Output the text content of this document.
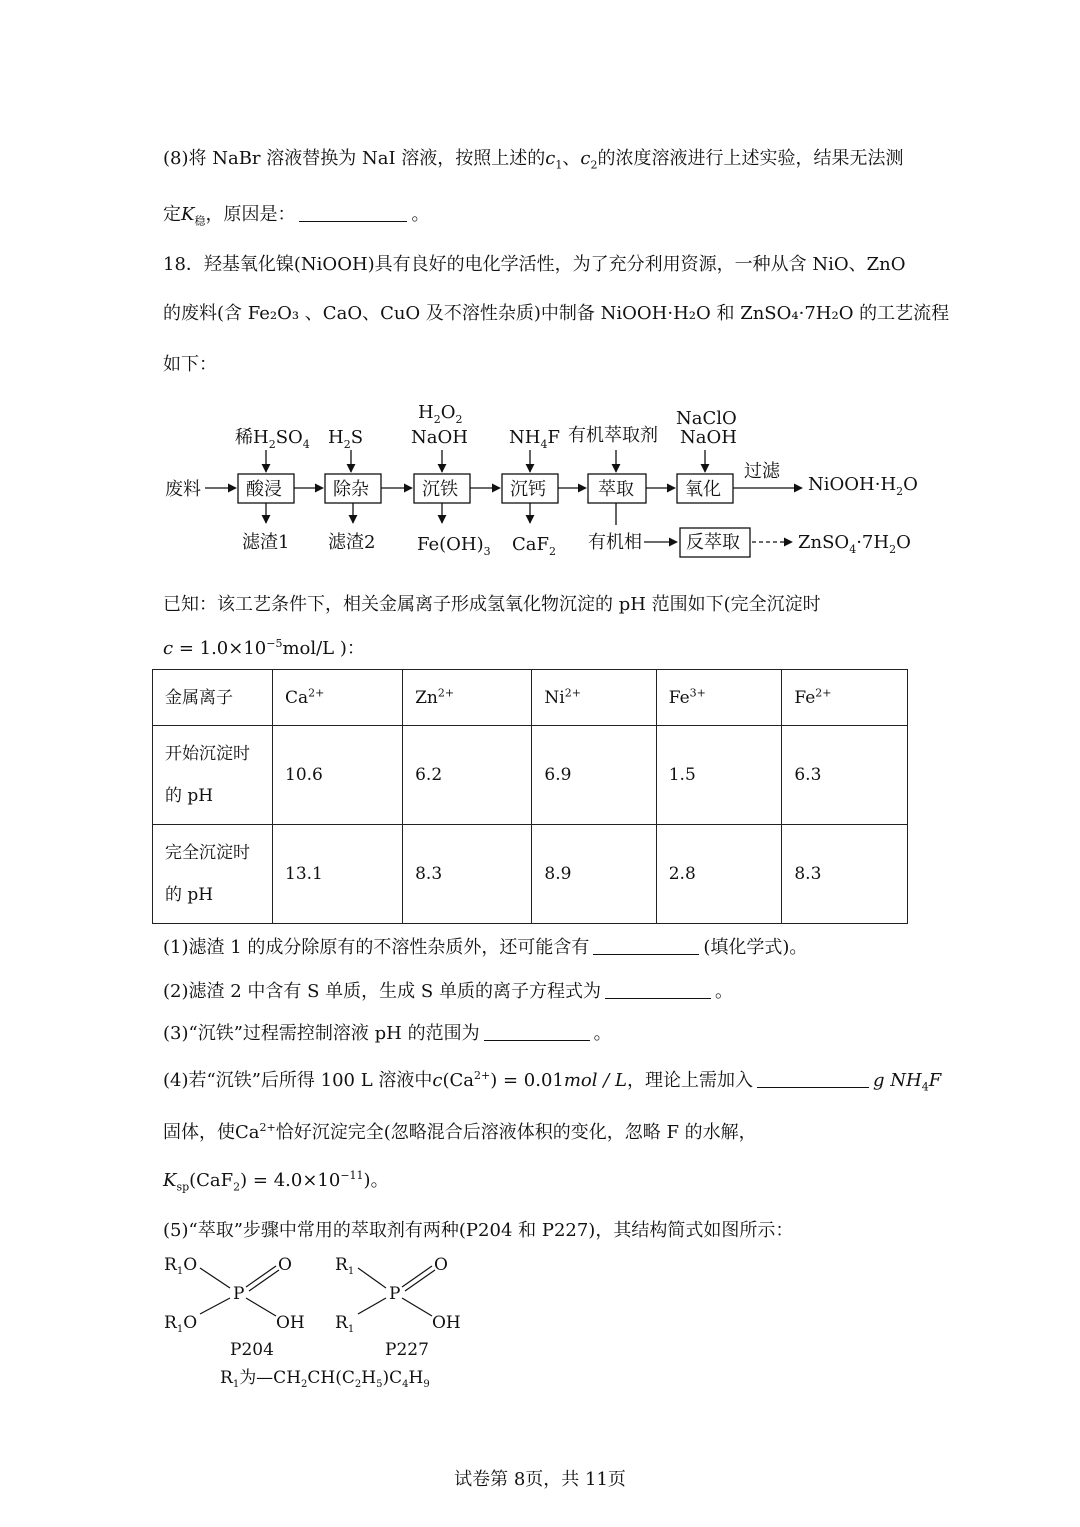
(8)将 NaBr 溶液替换为 NaI 溶液，按照上述的$c_1$、$c_2$的浓度溶液进行上述实验，结果无法测
定$K_稳$，原因是：	。
18．羟基氧化镍(NiOOH)具有良好的电化学活性，为了充分利用资源，一种从含 NiO、ZnO
的废料(含 Fe₂O₃ 、CaO、CuO 及不溶性杂质)中制备 NiOOH·H₂O 和 ZnSO₄·7H₂O 的工艺流程
如下：
稀$H_2SO_4$ $H_2S$
$H_2O_2$
NaOH $NH_4F$ 有机萃取剂
NaClO
NaOH
废料	酸浸	除杂	沉铁	沉钙	萃取	氧化
过滤
$NiOOH\cdot H_2O$
滤渣1 滤渣2 $Fe(OH)_3$ CaF$_2$ 有机相 反萃取	$ZnSO_4\cdot 7H_2O$
已知：该工艺条件下，相关金属离子形成氢氧化物沉淀的 pH 范围如下(完全沉淀时
$c = 1.0\times 10^{-5}mol/L$ )：
金属离子	$Ca^{2+}$	$Zn^{2+}$	$Ni^{2+}$	$Fe^{3+}$	$Fe^{2+}$
开始沉淀时
的 pH	10.6	6.2	6.9	1.5	6.3
完全沉淀时
的 pH	13.1	8.3	8.9	2.8	8.3
(1)滤渣 1 的成分除原有的不溶性杂质外，还可能含有	(填化学式)。
(2)滤渣 2 中含有 S 单质，生成 S 单质的离子方程式为	。
(3)“沉铁”过程需控制溶液 pH 的范围为	。
(4)若“沉铁”后所得 100 L 溶液中$c(Ca^{2+}) = 0.01mol / L$，理论上需加入	g $NH_4F$
固体，使$Ca^{2+}$恰好沉淀完全(忽略混合后溶液体积的变化，忽略 F 的水解，
$K_{sp}(CaF_2) = 4.0\times 10^{-11}$)。
(5)“萃取”步骤中常用的萃取剂有两种(P204 和 P227)，其结构简式如图所示：
$R_1O$
$R_1O$
P
O
OH
P204
$R_1$
$R_1$
P
O
OH
P227
$R_1$为$—CH_2CH(C_2H_5)C_4H_9$
试卷第 8页，共 11页
